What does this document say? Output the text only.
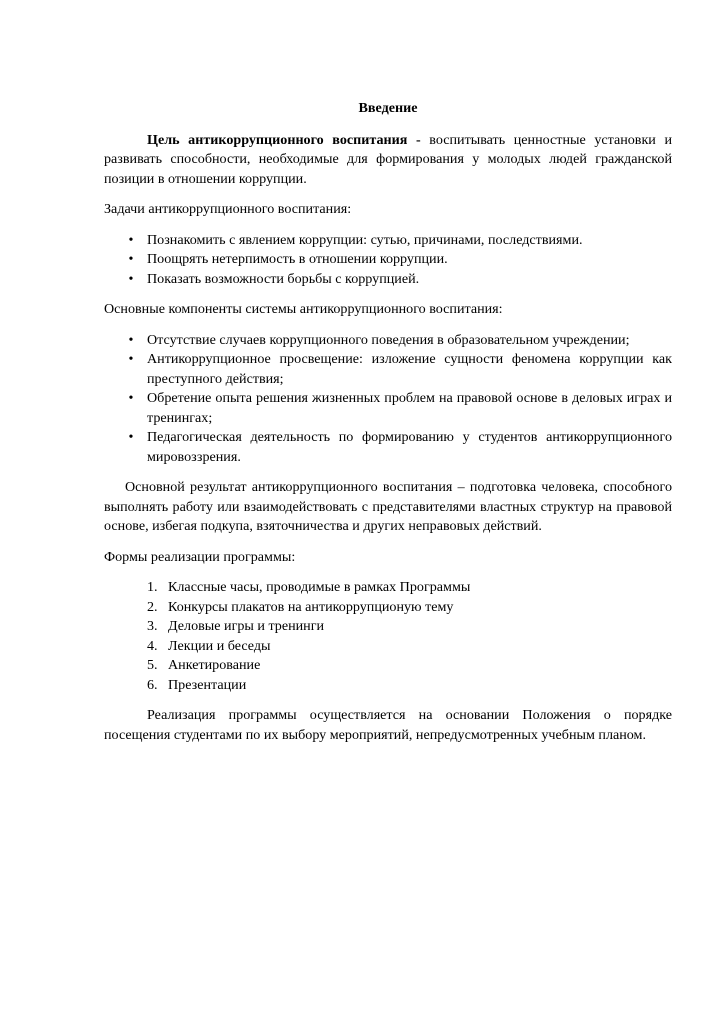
Введение

Цель антикоррупционного воспитания - воспитывать ценностные установки и развивать способности, необходимые для формирования у молодых людей гражданской позиции в отношении коррупции.

Задачи антикоррупционного воспитания:

• Познакомить с явлением коррупции: сутью, причинами, последствиями.
• Поощрять нетерпимость в отношении коррупции.
• Показать возможности борьбы с коррупцией.

Основные компоненты системы антикоррупционного воспитания:

• Отсутствие случаев коррупционного поведения в образовательном учреждении;
• Антикоррупционное просвещение: изложение сущности феномена коррупции как преступного действия;
• Обретение опыта решения жизненных проблем на правовой основе в деловых играх и тренингах;
• Педагогическая деятельность по формированию у студентов антикоррупционного мировоззрения.

Основной результат антикоррупционного воспитания – подготовка человека, способного выполнять работу или взаимодействовать с представителями властных структур на правовой основе, избегая подкупа, взяточничества и других неправовых действий.

Формы реализации программы:

1. Классные часы, проводимые в рамках Программы
2. Конкурсы плакатов на антикоррупционую тему
3. Деловые игры и тренинги
4. Лекции и беседы
5. Анкетирование
6. Презентации

Реализация программы осуществляется на основании Положения о порядке посещения студентами по их выбору мероприятий, непредусмотренных учебным планом.
